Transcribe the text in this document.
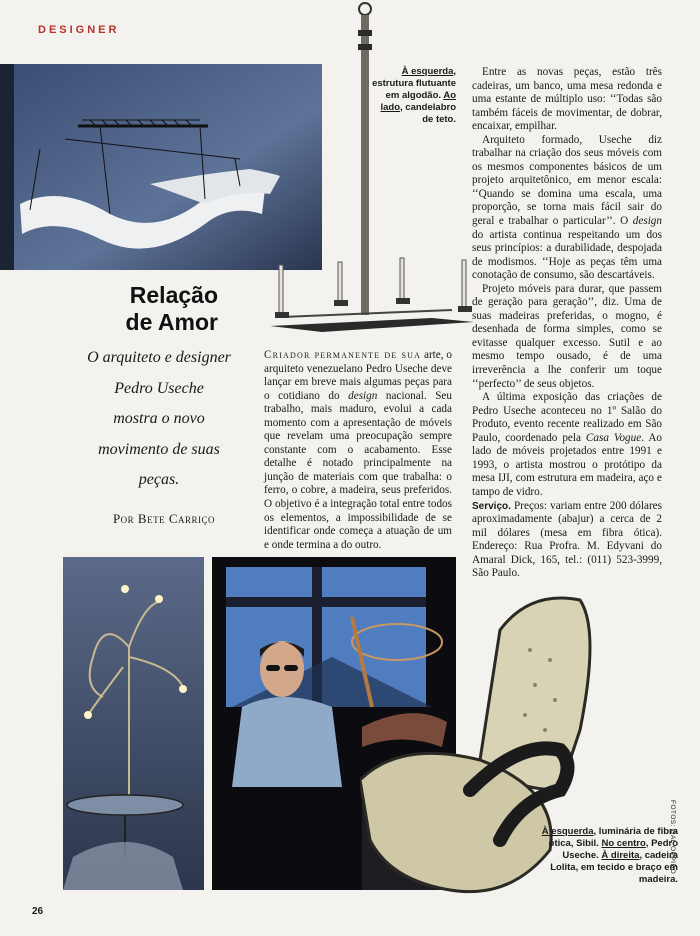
DESIGNER
À esquerda, estrutura flutuante em algodão. Ao lado, candelabro de teto.
Relação de Amor
O arquiteto e designer
Pedro Useche
mostra o novo
movimento de suas
peças.
Por Bete Carriço

Criador permanente de sua arte, o arquiteto venezuelano Pedro Useche deve lançar em breve mais algumas peças para o cotidiano do design nacional. Seu trabalho, mais maduro, evolui a cada momento com a apresentação de móveis que revelam uma preocupação sempre constante com o acabamento. Esse detalhe é notado principalmente na junção de materiais com que trabalha: o ferro, o cobre, a madeira, seus preferidos. O objetivo é a integração total entre todos os elementos, a impossibilidade de se identificar onde começa a atuação de um e onde termina a do outro.

Entre as novas peças, estão três cadeiras, um banco, uma mesa redonda e uma estante de múltiplo uso: ‘‘Todas são também fáceis de movimentar, de dobrar, encaixar, empilhar.

Arquiteto formado, Useche diz trabalhar na criação dos seus móveis com os mesmos componentes básicos de um projeto arquitetônico, em menor escala: ‘‘Quando se domina uma escala, uma proporção, se torna mais fácil sair do geral e trabalhar o particular’’. O design do artista continua respeitando um dos seus princípios: a durabilidade, despojada de modismos. ‘‘Hoje as peças têm uma conotação de consumo, são descartáveis.

Projeto móveis para durar, que passem de geração para geração’’, diz. Uma de suas madeiras preferidas, o mogno, é desenhada de forma simples, como se evitasse qualquer excesso. Sutil e ao mesmo tempo ousado, é de uma irreverência a lhe conferir um toque ‘‘perfecto’’ de seus objetos.

A última exposição das criações de Pedro Useche aconteceu no 1º Salão do Produto, evento recente realizado em São Paulo, coordenado pela Casa Vogue. Ao lado de móveis projetados entre 1991 e 1993, o artista mostrou o protótipo da mesa IJI, com estrutura em madeira, aço e tampo de vidro.

Serviço. Preços: variam entre 200 dólares aproximadamente (abajur) a cerca de 2 mil dólares (mesa em fibra ótica). Endereço: Rua Profra. M. Edyvani do Amaral Dick, 165, tel.: (011) 523-3999, São Paulo.

À esquerda, luminária de fibra ótica, Sibil. No centro, Pedro Useche. À direita, cadeira Lolita, em tecido e braço em madeira.
26
FOTOS: GAL OPPIDO
